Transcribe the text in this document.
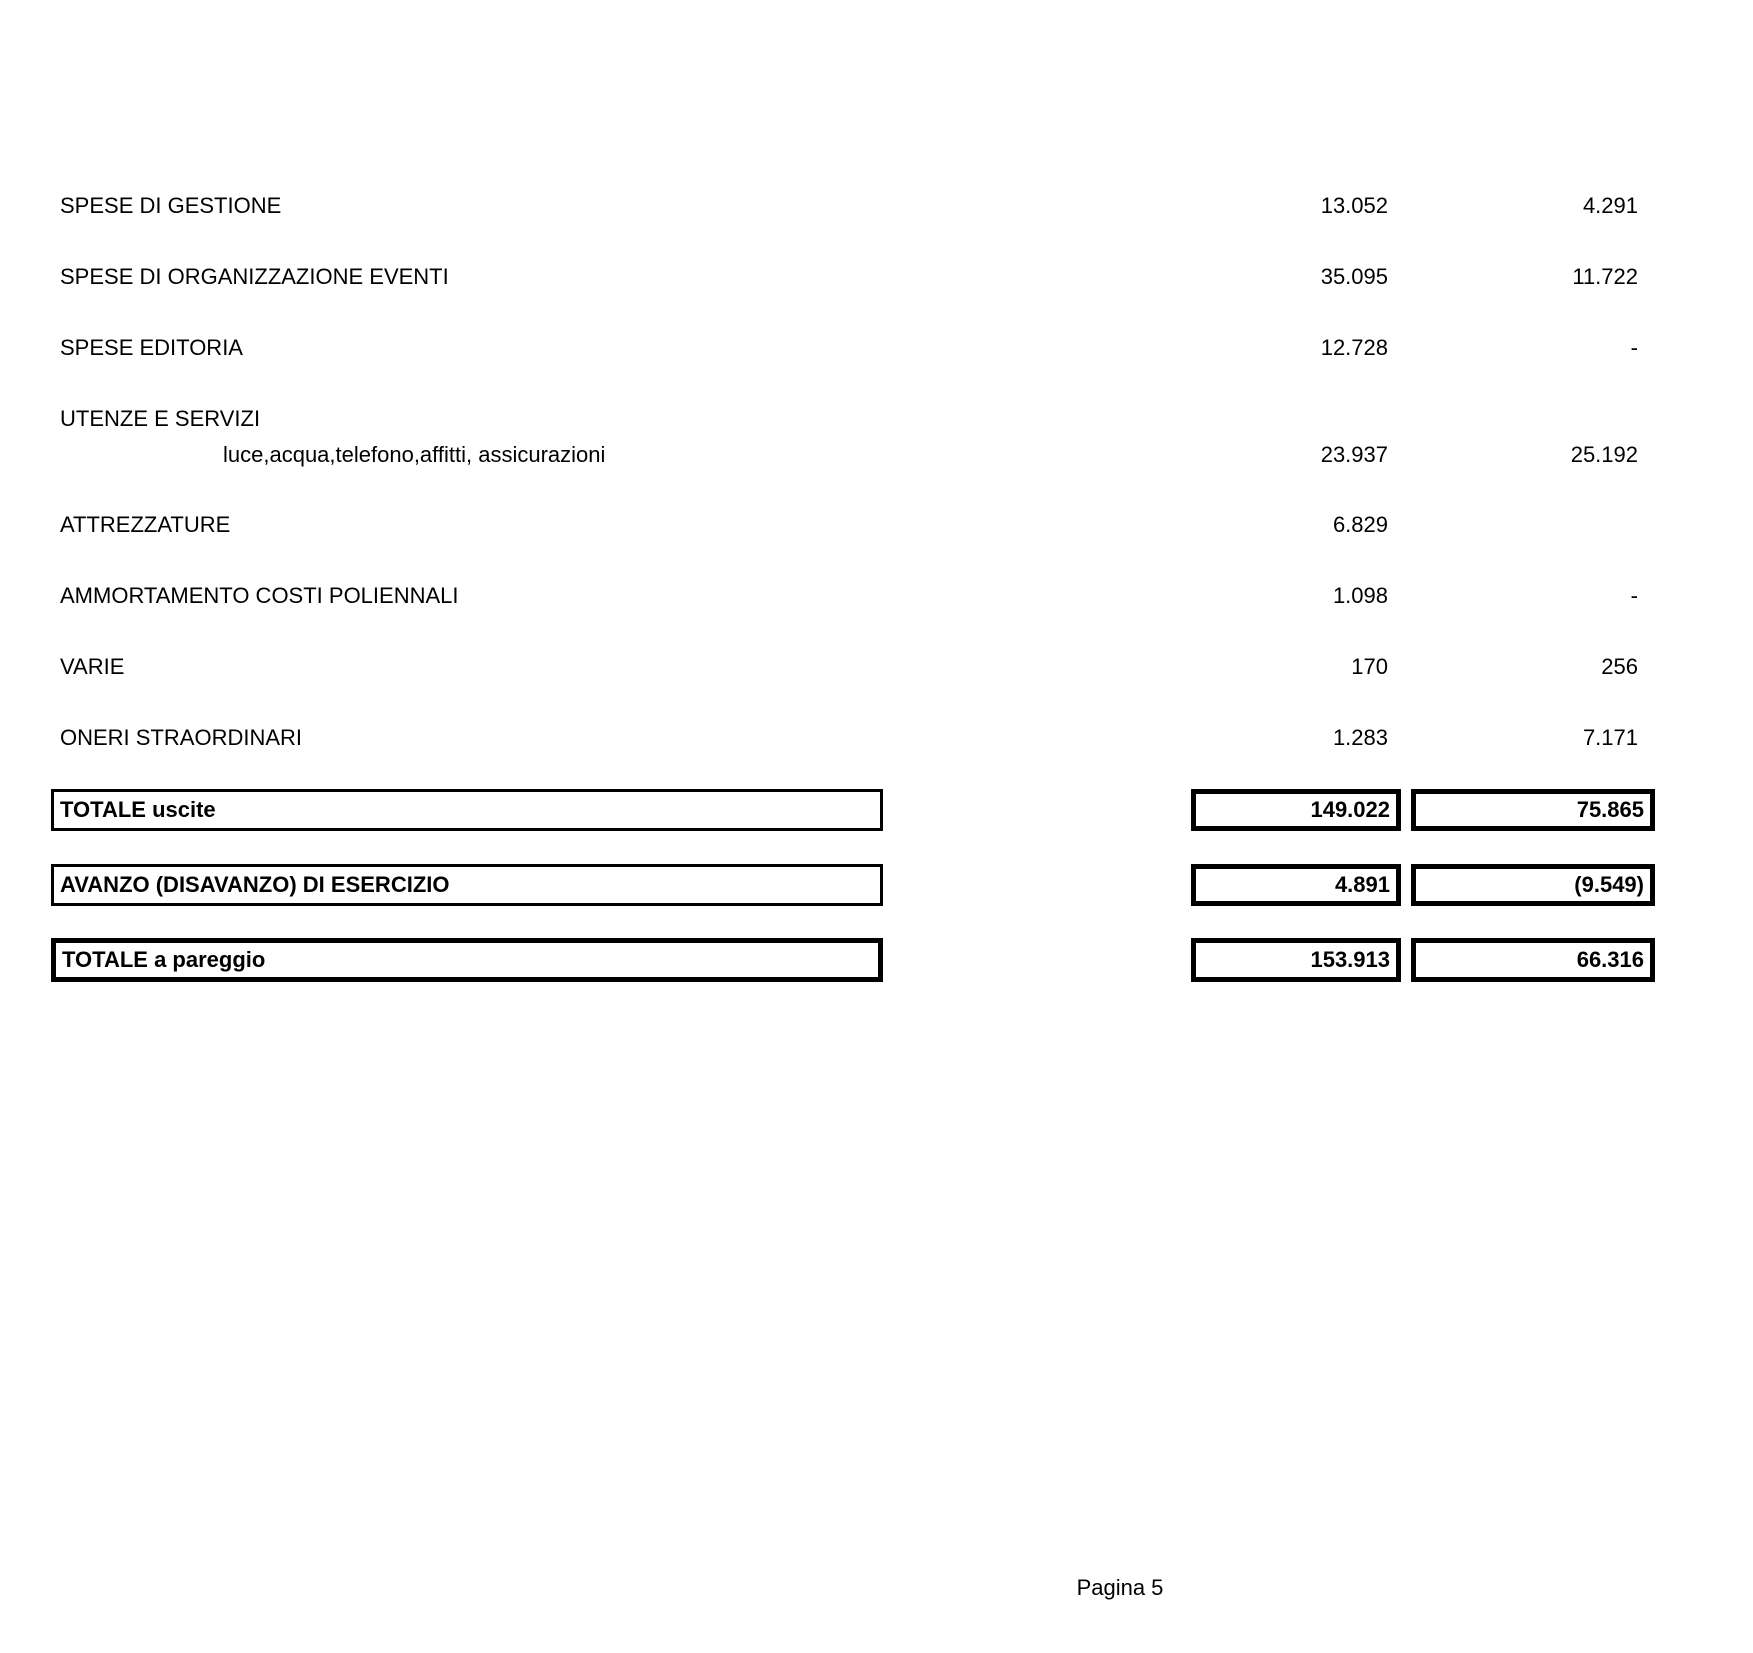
SPESE DI GESTIONE	13.052	4.291
SPESE DI ORGANIZZAZIONE EVENTI	35.095	11.722
SPESE EDITORIA	12.728	-
UTENZE E SERVIZI
luce,acqua,telefono,affitti, assicurazioni	23.937	25.192
ATTREZZATURE	6.829
AMMORTAMENTO COSTI POLIENNALI	1.098	-
VARIE	170	256
ONERI STRAORDINARI	1.283	7.171
TOTALE uscite	149.022	75.865
AVANZO (DISAVANZO) DI ESERCIZIO	4.891	(9.549)
TOTALE a pareggio	153.913	66.316
Pagina 5
